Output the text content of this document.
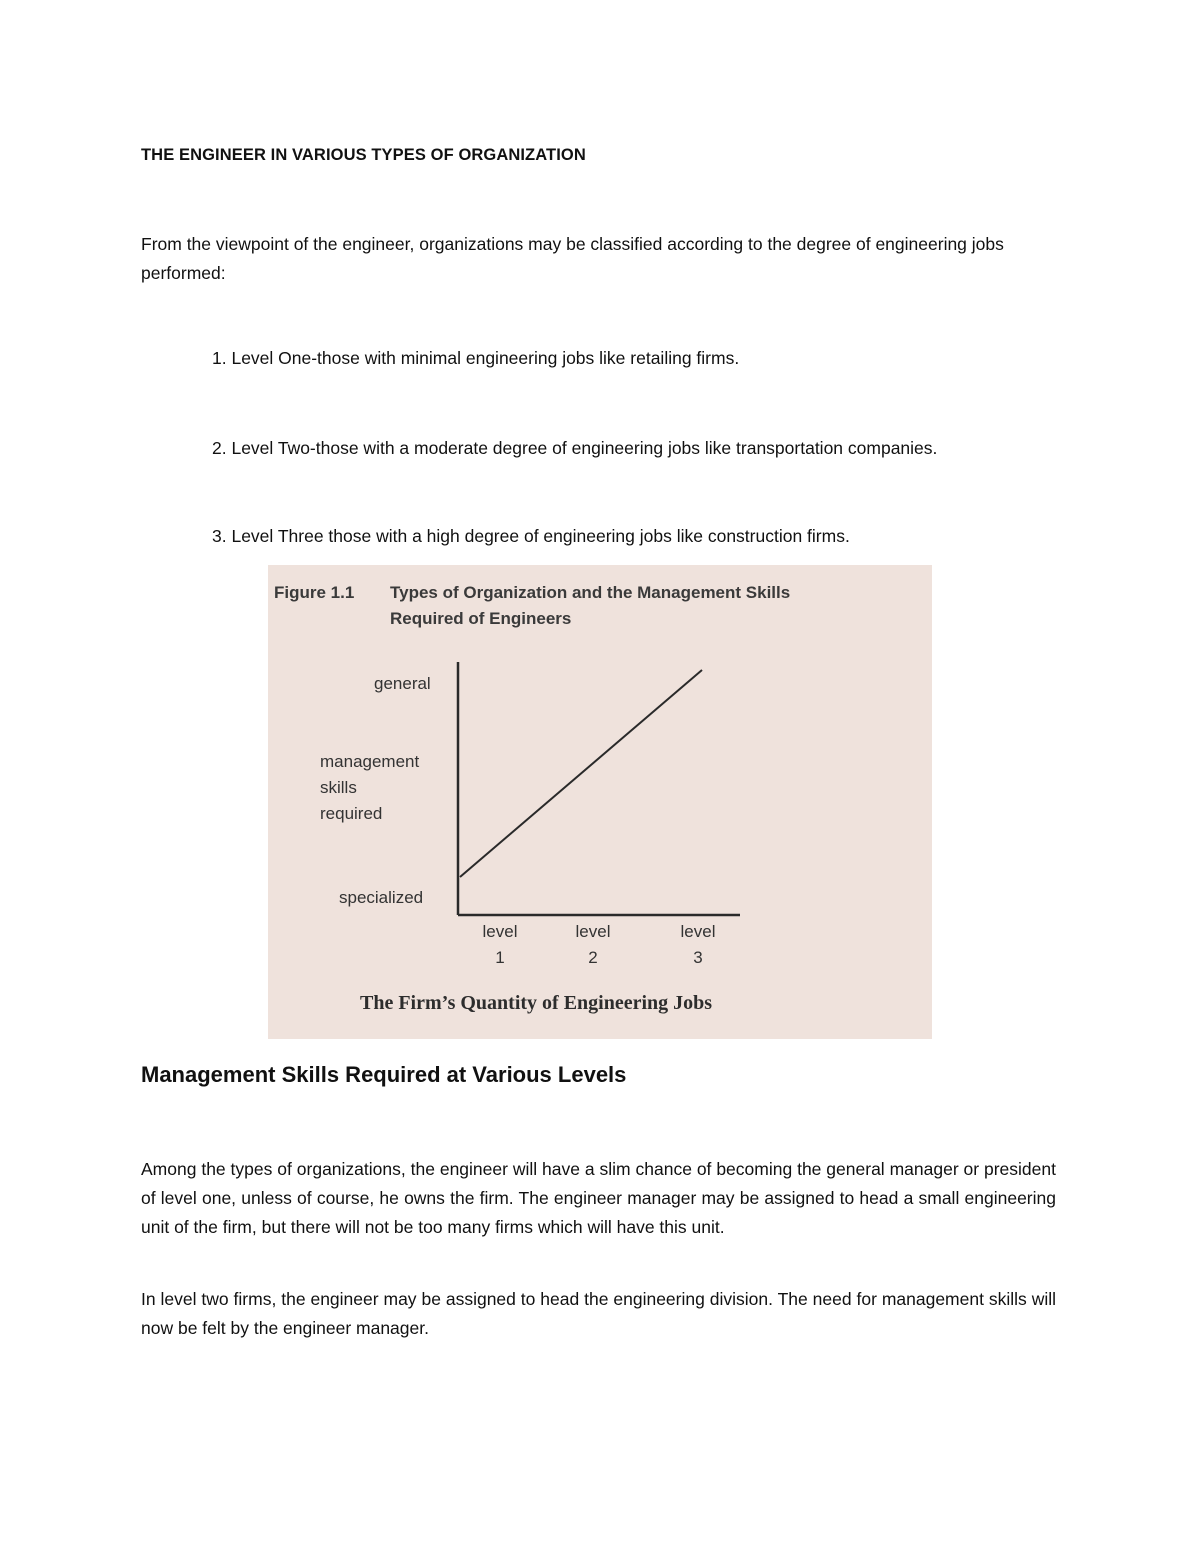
THE ENGINEER IN VARIOUS TYPES OF ORGANIZATION
From the viewpoint of the engineer, organizations may be classified according to the degree of engineering jobs performed:
1. Level One-those with minimal engineering jobs like retailing firms.
2. Level Two-those with a moderate degree of engineering jobs like transportation companies.
3. Level Three those with a high degree of engineering jobs like construction firms.
Figure 1.1 Types of Organization and the Management Skills
Required of Engineers
general
management
skills
required
specialized
level
1
level
2
level
3
The Firm’s Quantity of Engineering Jobs
Management Skills Required at Various Levels
Among the types of organizations, the engineer will have a slim chance of becoming the general manager or president of level one, unless of course, he owns the firm. The engineer manager may be assigned to head a small engineering unit of the firm, but there will not be too many firms which will have this unit.
In level two firms, the engineer may be assigned to head the engineering division. The need for management skills will now be felt by the engineer manager.
